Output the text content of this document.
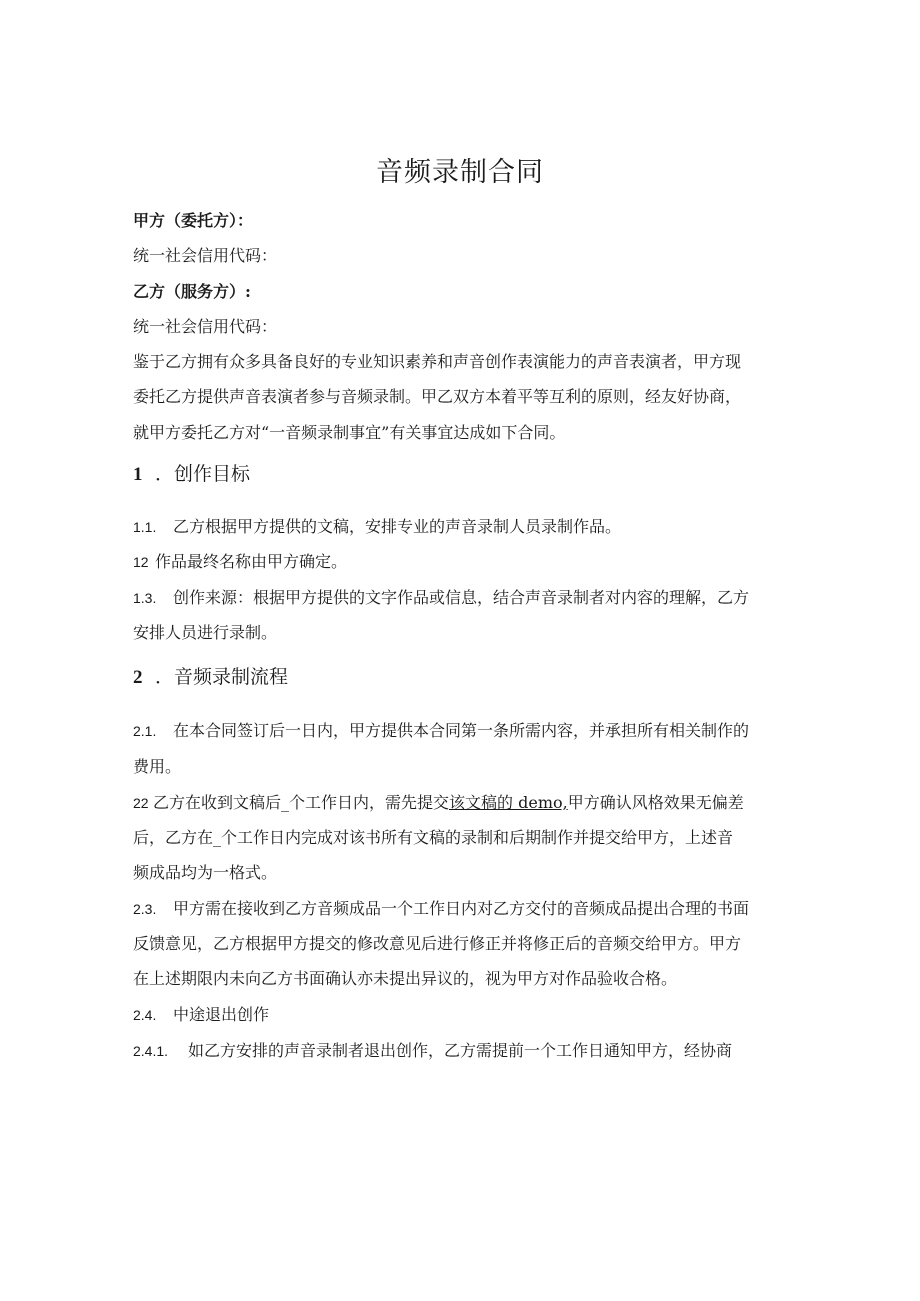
音频录制合同
甲方（委托方）：
统一社会信用代码：
乙方（服务方）:
统一社会信用代码：
鉴于乙方拥有众多具备良好的专业知识素养和声音创作表演能力的声音表演者，甲方现
委托乙方提供声音表演者参与音频录制。甲乙双方本着平等互利的原则，经友好协商，
就甲方委托乙方对“一音频录制事宜”有关事宜达成如下合同。
1 ．创作目标
1.1. 乙方根据甲方提供的文稿，安排专业的声音录制人员录制作品。
12 作品最终名称由甲方确定。
1.3. 创作来源：根据甲方提供的文字作品或信息，结合声音录制者对内容的理解，乙方
安排人员进行录制。
2 ．音频录制流程
2.1. 在本合同签订后一日内，甲方提供本合同第一条所需内容，并承担所有相关制作的
费用。
22 乙方在收到文稿后_个工作日内，需先提交该文稿的 demo,甲方确认风格效果无偏差
后，乙方在_个工作日内完成对该书所有文稿的录制和后期制作并提交给甲方，上述音
频成品均为一格式。
2.3. 甲方需在接收到乙方音频成品一个工作日内对乙方交付的音频成品提出合理的书面
反馈意见，乙方根据甲方提交的修改意见后进行修正并将修正后的音频交给甲方。甲方
在上述期限内未向乙方书面确认亦未提出异议的，视为甲方对作品验收合格。
2.4. 中途退出创作
2.4.1. 如乙方安排的声音录制者退出创作，乙方需提前一个工作日通知甲方，经协商
